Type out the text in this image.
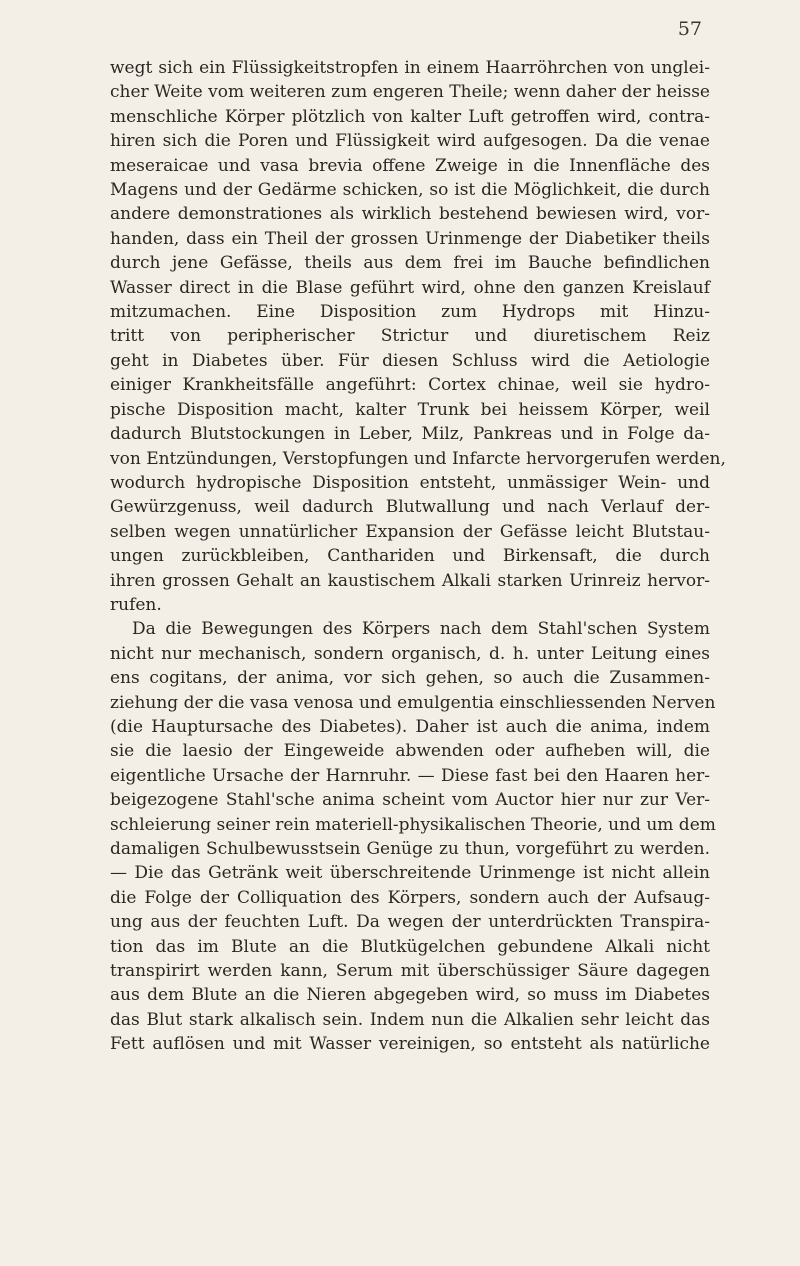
57
wegt sich ein Flüssigkeitstropfen in einem Haarröhrchen von unglei-
cher Weite vom weiteren zum engeren Theile; wenn daher der heisse
menschliche Körper plötzlich von kalter Luft getroffen wird, contra-
hiren sich die Poren und Flüssigkeit wird aufgesogen. Da die venae
meseraicae und vasa brevia offene Zweige in die Innenfläche des
Magens und der Gedärme schicken, so ist die Möglichkeit, die durch
andere demonstrationes als wirklich bestehend bewiesen wird, vor-
handen, dass ein Theil der grossen Urinmenge der Diabetiker theils
durch jene Gefässe, theils aus dem frei im Bauche befindlichen
Wasser direct in die Blase geführt wird, ohne den ganzen Kreislauf
mitzumachen. Eine Disposition zum Hydrops mit Hinzu-
tritt von peripherischer Strictur und diuretischem Reiz
geht in Diabetes über. Für diesen Schluss wird die Aetiologie
einiger Krankheitsfälle angeführt: Cortex chinae, weil sie hydro-
pische Disposition macht, kalter Trunk bei heissem Körper, weil
dadurch Blutstockungen in Leber, Milz, Pankreas und in Folge da-
von Entzündungen, Verstopfungen und Infarcte hervorgerufen werden,
wodurch hydropische Disposition entsteht, unmässiger Wein- und
Gewürzgenuss, weil dadurch Blutwallung und nach Verlauf der-
selben wegen unnatürlicher Expansion der Gefässe leicht Blutstau-
ungen zurückbleiben, Canthariden und Birkensaft, die durch
ihren grossen Gehalt an kaustischem Alkali starken Urinreiz hervor-
rufen.
Da die Bewegungen des Körpers nach dem Stahl'schen System
nicht nur mechanisch, sondern organisch, d. h. unter Leitung eines
ens cogitans, der anima, vor sich gehen, so auch die Zusammen-
ziehung der die vasa venosa und emulgentia einschliessenden Nerven
(die Hauptursache des Diabetes). Daher ist auch die anima, indem
sie die laesio der Eingeweide abwenden oder aufheben will, die
eigentliche Ursache der Harnruhr. — Diese fast bei den Haaren her-
beigezogene Stahl'sche anima scheint vom Auctor hier nur zur Ver-
schleierung seiner rein materiell-physikalischen Theorie, und um dem
damaligen Schulbewusstsein Genüge zu thun, vorgeführt zu werden.
— Die das Getränk weit überschreitende Urinmenge ist nicht allein
die Folge der Colliquation des Körpers, sondern auch der Aufsaug-
ung aus der feuchten Luft. Da wegen der unterdrückten Transpira-
tion das im Blute an die Blutkügelchen gebundene Alkali nicht
transpirirt werden kann, Serum mit überschüssiger Säure dagegen
aus dem Blute an die Nieren abgegeben wird, so muss im Diabetes
das Blut stark alkalisch sein. Indem nun die Alkalien sehr leicht das
Fett auflösen und mit Wasser vereinigen, so entsteht als natürliche
